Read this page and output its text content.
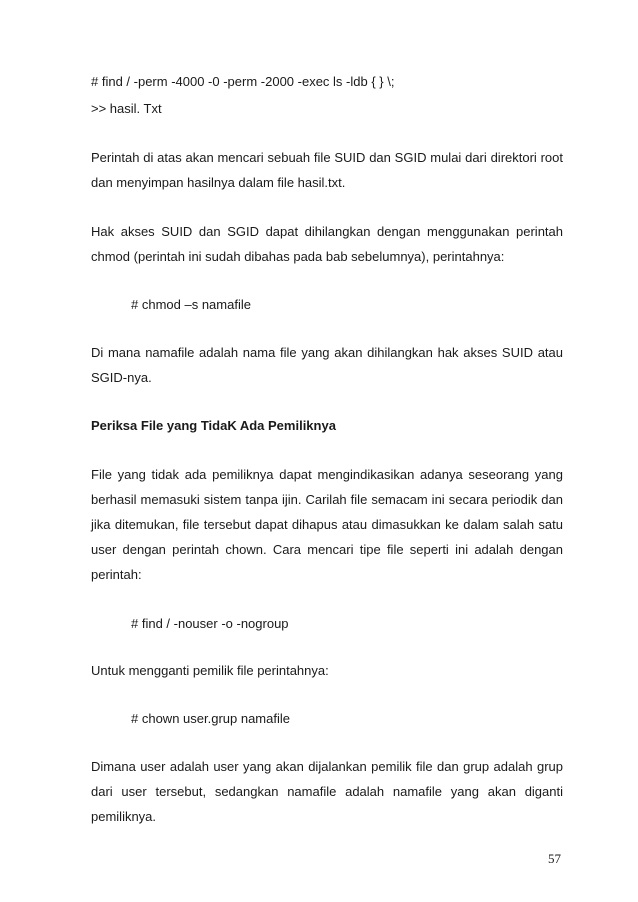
# find / -perm -4000 -0 -perm -2000 -exec ls -ldb { } \;

>> hasil. Txt

Perintah di atas akan mencari sebuah file SUID dan SGID mulai dari direktori root

dan menyimpan hasilnya dalam file hasil.txt.

Hak akses SUID dan SGID dapat dihilangkan dengan menggunakan perintah

chmod (perintah ini sudah dibahas pada bab sebelumnya), perintahnya:

# chmod –s namafile

Di mana namafile adalah nama file yang akan dihilangkan hak akses SUID atau

SGID-nya.

Periksa File yang TidaK Ada Pemiliknya

File yang tidak ada pemiliknya dapat mengindikasikan adanya seseorang yang

berhasil memasuki sistem tanpa ijin. Carilah file semacam ini secara periodik dan

jika ditemukan, file tersebut dapat dihapus atau dimasukkan ke dalam salah satu

user dengan perintah chown. Cara mencari tipe file seperti ini adalah dengan

perintah:

# find / -nouser -o -nogroup

Untuk mengganti pemilik file perintahnya:

# chown user.grup namafile

Dimana user adalah user yang akan dijalankan pemilik file dan grup adalah grup

dari user tersebut, sedangkan namafile adalah namafile yang akan diganti

pemiliknya.

57
